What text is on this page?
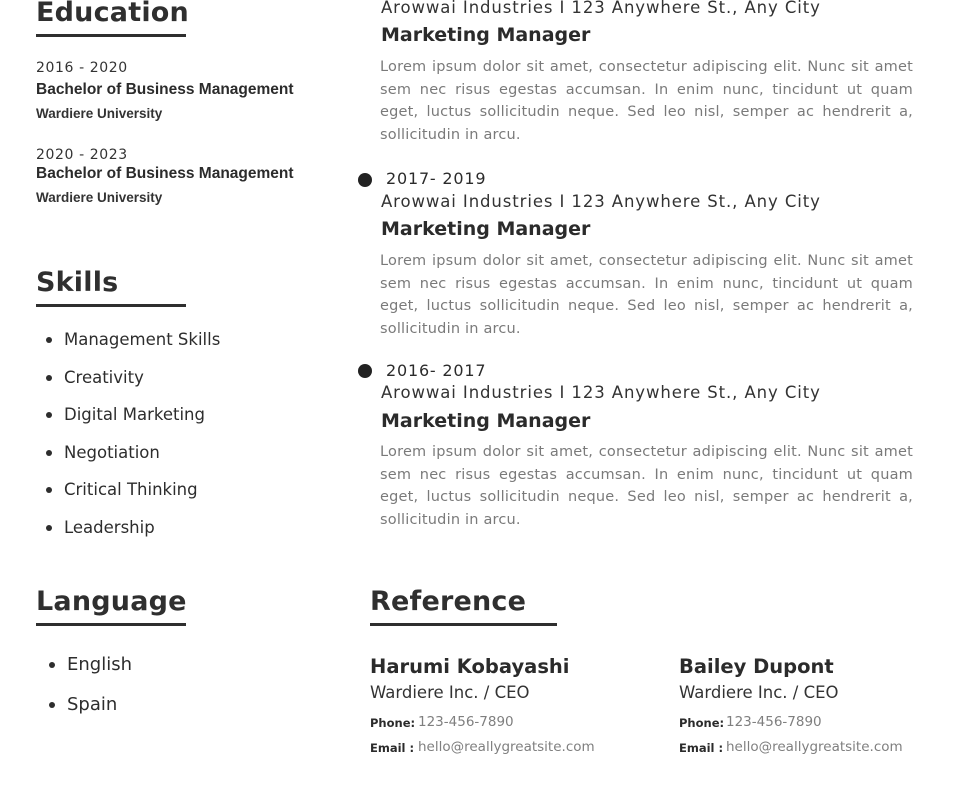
Education
2016 - 2020
Bachelor of Business Management
Wardiere University
2020 - 2023
Bachelor of Business Management
Wardiere University
Skills
Management Skills
Creativity
Digital Marketing
Negotiation
Critical Thinking
Leadership
Language
English
Spain
Arowwai Industries I 123 Anywhere St., Any City
Marketing Manager

Lorem ipsum dolor sit amet, consectetur adipiscing elit. Nunc sit amet sem nec risus egestas accumsan. In enim nunc, tincidunt ut quam eget, luctus sollicitudin neque. Sed leo nisl, semper ac hendrerit a, sollicitudin in arcu.

2017- 2019
Arowwai Industries I 123 Anywhere St., Any City
Marketing Manager

Lorem ipsum dolor sit amet, consectetur adipiscing elit. Nunc sit amet sem nec risus egestas accumsan. In enim nunc, tincidunt ut quam eget, luctus sollicitudin neque. Sed leo nisl, semper ac hendrerit a, sollicitudin in arcu.

2016- 2017
Arowwai Industries I 123 Anywhere St., Any City
Marketing Manager

Lorem ipsum dolor sit amet, consectetur adipiscing elit. Nunc sit amet sem nec risus egestas accumsan. In enim nunc, tincidunt ut quam eget, luctus sollicitudin neque. Sed leo nisl, semper ac hendrerit a, sollicitudin in arcu.

Reference
Harumi Kobayashi
Wardiere Inc. / CEO
Phone: 123-456-7890
Email : hello@reallygreatsite.com
Bailey Dupont
Wardiere Inc. / CEO
Phone: 123-456-7890
Email : hello@reallygreatsite.com
